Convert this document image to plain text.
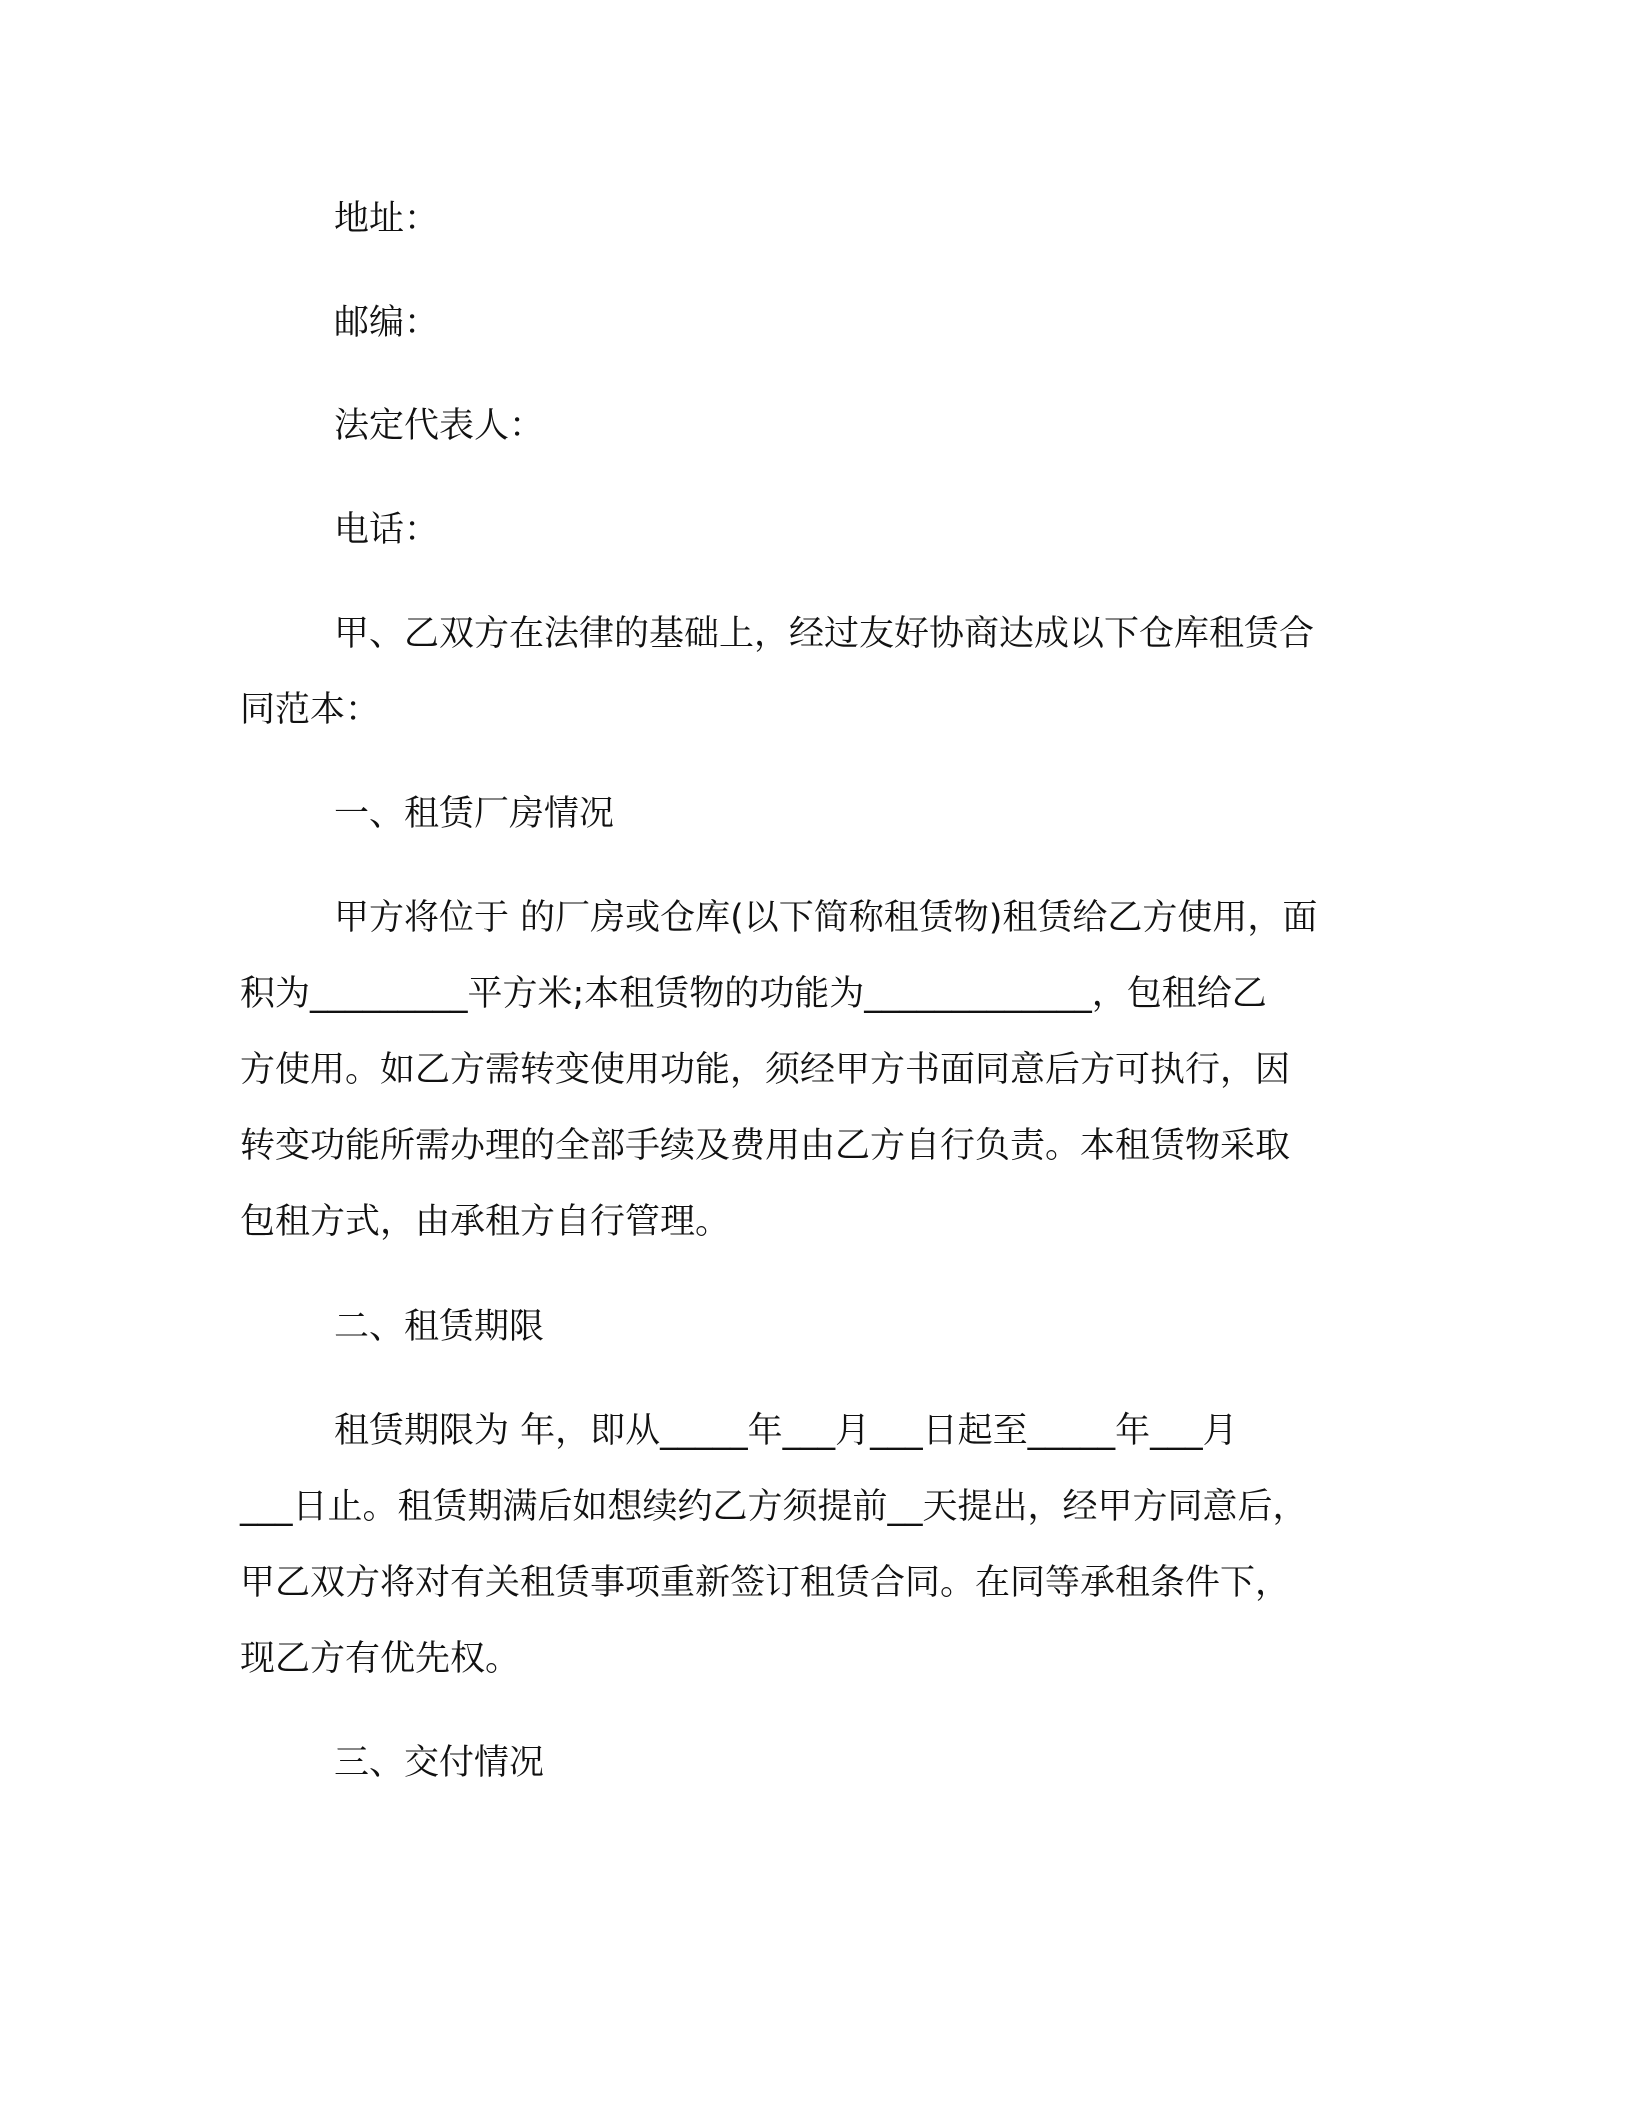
地址：
邮编：
法定代表人：
电话：
甲、乙双方在法律的基础上，经过友好协商达成以下仓库租赁合
同范本：
一、租赁厂房情况
甲方将位于 的厂房或仓库(以下简称租赁物)租赁给乙方使用，面
积为_________平方米;本租赁物的功能为_____________，包租给乙
方使用。如乙方需转变使用功能，须经甲方书面同意后方可执行，因
转变功能所需办理的全部手续及费用由乙方自行负责。本租赁物采取
包租方式，由承租方自行管理。
二、租赁期限
租赁期限为 年，即从_____年___月___日起至_____年___月
___日止。租赁期满后如想续约乙方须提前__天提出，经甲方同意后，
甲乙双方将对有关租赁事项重新签订租赁合同。在同等承租条件下，
现乙方有优先权。
三、交付情况
